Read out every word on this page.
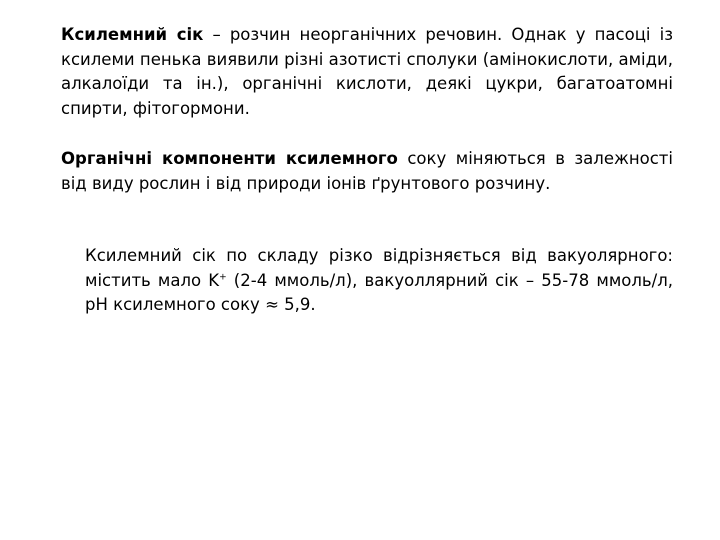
Ксилемний сік – розчин неорганічних речовин. Однак у пасоці із ксилеми пенька виявили різні азотисті сполуки (амінокислоти, аміди, алкалоїди та ін.), органічні кислоти, деякі цукри, багатоатомні спирти, фітогормони.

Органічні компоненти ксилемного соку міняються в залежності від виду рослин і від природи іонів ґрунтового розчину.

Ксилемний сік по складу різко відрізняється від вакуолярного: містить мало K+ (2-4 ммоль/л), вакуоллярний сік – 55-78 ммоль/л, pH ксилемного соку ≈ 5,9.
